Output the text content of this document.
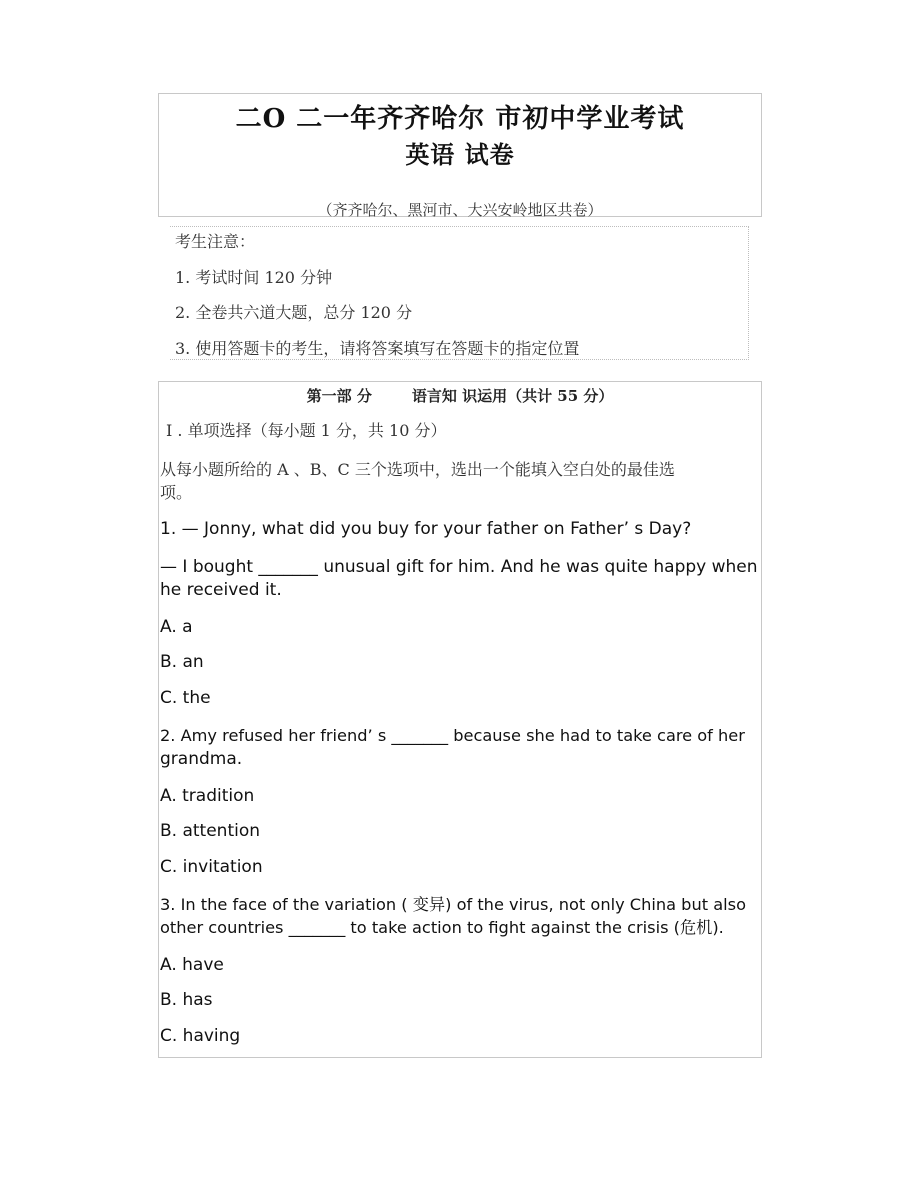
二O 二一年齐齐哈尔 市初中学业考试
英语 试卷
（齐齐哈尔、黑河市、大兴安岭地区共卷）
考生注意：
1. 考试时间 120 分钟
2. 全卷共六道大题，总分 120 分
3. 使用答题卡的考生，请将答案填写在答题卡的指定位置
第一部 分	语言知 识运用（共计 55 分）
Ⅰ . 单项选择（每小题 1 分，共 10 分）
从每小题所给的 A 、B、C 三个选项中，选出一个能填入空白处的最佳选
项。
1. — Jonny, what did you buy for your father on Father’ s Day?
— I bought _______ unusual gift for him. And he was quite happy when
he received it.
A. a
B. an
C. the
2. Amy refused her friend’ s _______ because she had to take care of her
grandma.
A. tradition
B. attention
C. invitation
3. In the face of the variation ( 变异) of the virus, not only China but also
other countries _______ to take action to fight against the crisis (危机).
A. have
B. has
C. having
